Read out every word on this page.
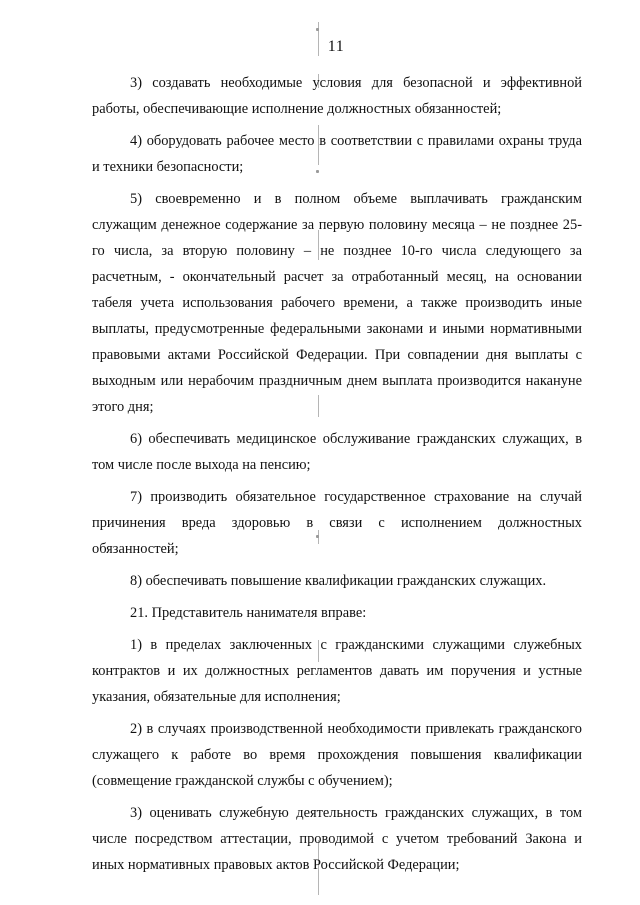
11

3) создавать необходимые условия для безопасной и эффективной работы, обеспечивающие исполнение должностных обязанностей;

4) оборудовать рабочее место в соответствии с правилами охраны труда и техники безопасности;

5) своевременно и в полном объеме выплачивать гражданским служащим денежное содержание за первую половину месяца – не позднее 25-го числа, за вторую половину – не позднее 10-го числа следующего за расчетным, - окончательный расчет за отработанный месяц, на основании табеля учета использования рабочего времени, а также производить иные выплаты, предусмотренные федеральными законами и иными нормативными правовыми актами Российской Федерации. При совпадении дня выплаты с выходным или нерабочим праздничным днем выплата производится накануне этого дня;

6) обеспечивать медицинское обслуживание гражданских служащих, в том числе после выхода на пенсию;

7) производить обязательное государственное страхование на случай причинения вреда здоровью в связи с исполнением должностных обязанностей;

8) обеспечивать повышение квалификации гражданских служащих.

21. Представитель нанимателя вправе:

1) в пределах заключенных с гражданскими служащими служебных контрактов и их должностных регламентов давать им поручения и устные указания, обязательные для исполнения;

2) в случаях производственной необходимости привлекать гражданского служащего к работе во время прохождения повышения квалификации (совмещение гражданской службы с обучением);

3) оценивать служебную деятельность гражданских служащих, в том числе посредством аттестации, проводимой с учетом требований Закона и иных нормативных правовых актов Российской Федерации;
